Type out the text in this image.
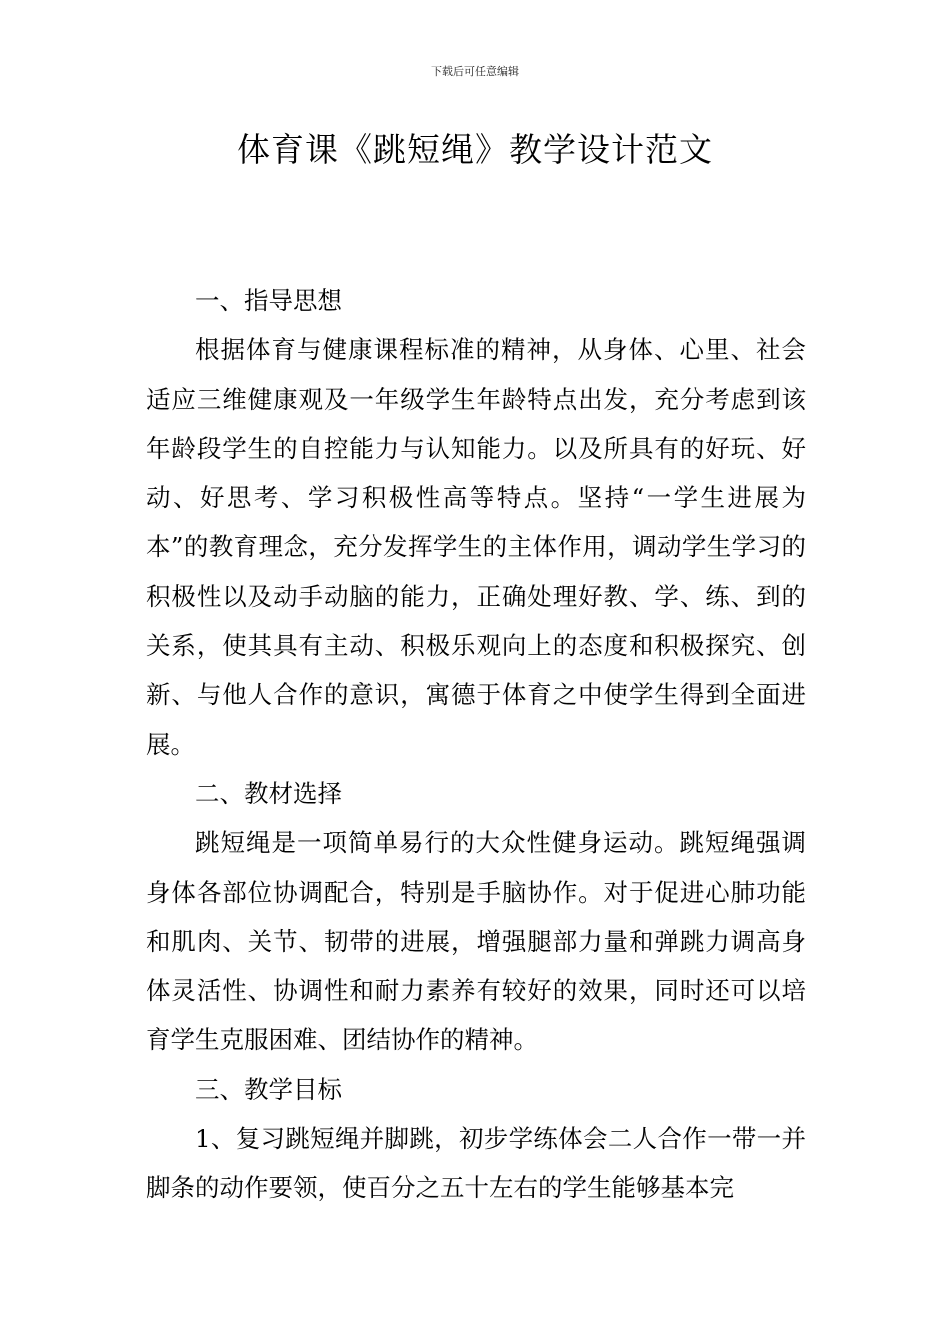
下载后可任意编辑
体育课《跳短绳》教学设计范文

一、指导思想

根据体育与健康课程标准的精神，从身体、心里、社会适应三维健康观及一年级学生年龄特点出发，充分考虑到该年龄段学生的自控能力与认知能力。以及所具有的好玩、好动、好思考、学习积极性高等特点。坚持“一学生进展为本”的教育理念，充分发挥学生的主体作用，调动学生学习的积极性以及动手动脑的能力，正确处理好教、学、练、到的关系，使其具有主动、积极乐观向上的态度和积极探究、创新、与他人合作的意识，寓德于体育之中使学生得到全面进展。

二、教材选择

跳短绳是一项简单易行的大众性健身运动。跳短绳强调身体各部位协调配合，特别是手脑协作。对于促进心肺功能和肌肉、关节、韧带的进展，增强腿部力量和弹跳力调高身体灵活性、协调性和耐力素养有较好的效果，同时还可以培育学生克服困难、团结协作的精神。

三、教学目标

1、复习跳短绳并脚跳，初步学练体会二人合作一带一并脚条的动作要领，使百分之五十左右的学生能够基本完
